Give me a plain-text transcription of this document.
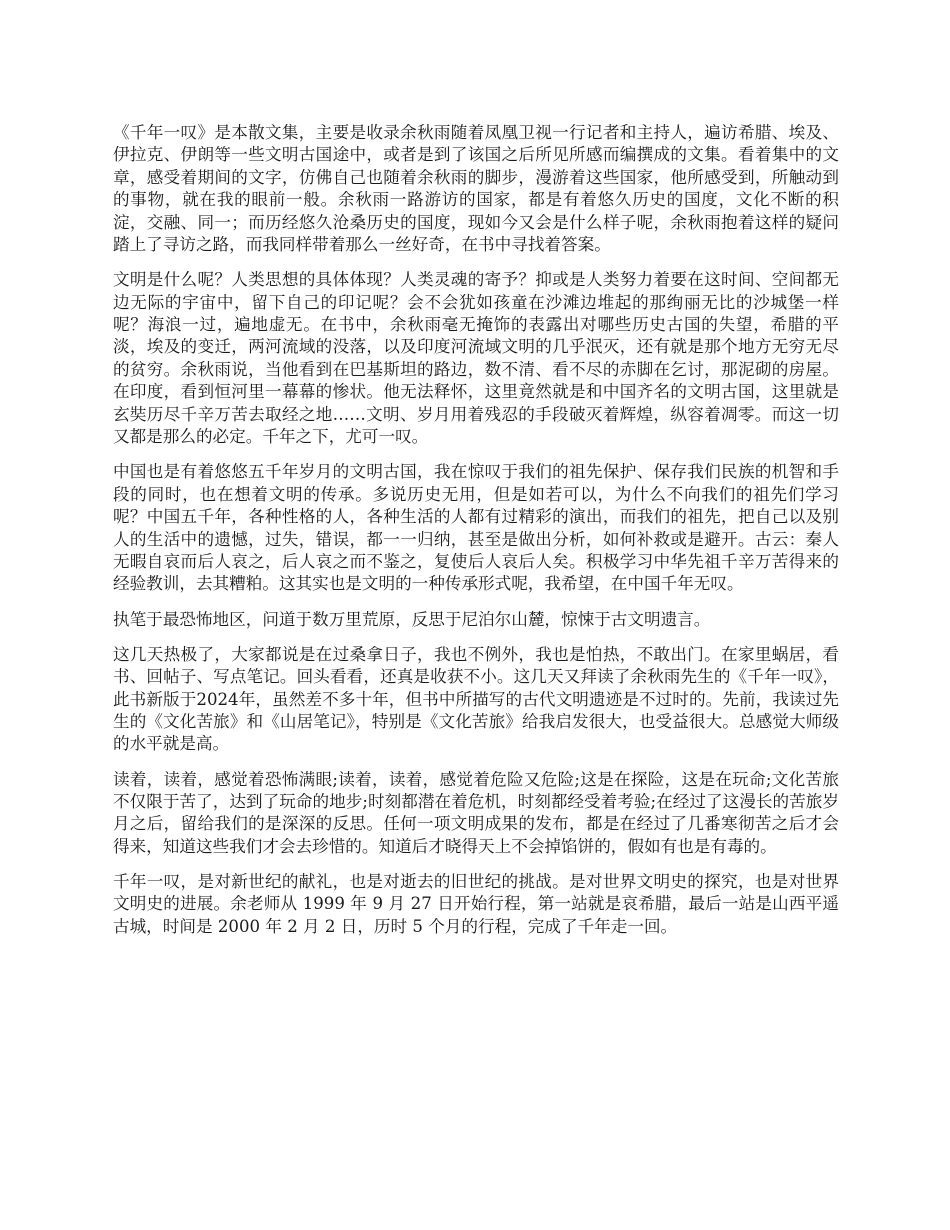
《千年一叹》是本散文集，主要是收录余秋雨随着凤凰卫视一行记者和主持人，遍访希腊、埃及、伊拉克、伊朗等一些文明古国途中，或者是到了该国之后所见所感而编撰成的文集。看着集中的文章，感受着期间的文字，仿佛自己也随着余秋雨的脚步，漫游着这些国家，他所感受到，所触动到的事物，就在我的眼前一般。余秋雨一路游访的国家，都是有着悠久历史的国度，文化不断的积淀，交融、同一；而历经悠久沧桑历史的国度，现如今又会是什么样子呢，余秋雨抱着这样的疑问踏上了寻访之路，而我同样带着那么一丝好奇，在书中寻找着答案。

文明是什么呢？人类思想的具体体现？人类灵魂的寄予？抑或是人类努力着要在这时间、空间都无边无际的宇宙中，留下自己的印记呢？会不会犹如孩童在沙滩边堆起的那绚丽无比的沙城堡一样呢？海浪一过，遍地虚无。在书中，余秋雨毫无掩饰的表露出对哪些历史古国的失望，希腊的平淡，埃及的变迁，两河流域的没落，以及印度河流域文明的几乎泯灭，还有就是那个地方无穷无尽的贫穷。余秋雨说，当他看到在巴基斯坦的路边，数不清、看不尽的赤脚在乞讨，那泥砌的房屋。在印度，看到恒河里一幕幕的惨状。他无法释怀，这里竟然就是和中国齐名的文明古国，这里就是玄奘历尽千辛万苦去取经之地……文明、岁月用着残忍的手段破灭着辉煌，纵容着凋零。而这一切又都是那么的必定。千年之下，尤可一叹。

中国也是有着悠悠五千年岁月的文明古国，我在惊叹于我们的祖先保护、保存我们民族的机智和手段的同时，也在想着文明的传承。多说历史无用，但是如若可以，为什么不向我们的祖先们学习呢？中国五千年，各种性格的人，各种生活的人都有过精彩的演出，而我们的祖先，把自己以及别人的生活中的遗憾，过失，错误，都一一归纳，甚至是做出分析，如何补救或是避开。古云：秦人无暇自哀而后人哀之，后人哀之而不鉴之，复使后人哀后人矣。积极学习中华先祖千辛万苦得来的经验教训，去其糟粕。这其实也是文明的一种传承形式呢，我希望，在中国千年无叹。

执笔于最恐怖地区，问道于数万里荒原，反思于尼泊尔山麓，惊悚于古文明遗言。

这几天热极了，大家都说是在过桑拿日子，我也不例外，我也是怕热，不敢出门。在家里蜗居，看书、回帖子、写点笔记。回头看看，还真是收获不小。这几天又拜读了余秋雨先生的《千年一叹》，此书新版于2024年，虽然差不多十年，但书中所描写的古代文明遗迹是不过时的。先前，我读过先生的《文化苦旅》和《山居笔记》，特别是《文化苦旅》给我启发很大，也受益很大。总感觉大师级的水平就是高。

读着，读着，感觉着恐怖满眼;读着，读着，感觉着危险又危险;这是在探险，这是在玩命;文化苦旅不仅限于苦了，达到了玩命的地步;时刻都潜在着危机，时刻都经受着考验;在经过了这漫长的苦旅岁月之后，留给我们的是深深的反思。任何一项文明成果的发布，都是在经过了几番寒彻苦之后才会得来，知道这些我们才会去珍惜的。知道后才晓得天上不会掉馅饼的，假如有也是有毒的。

千年一叹，是对新世纪的献礼，也是对逝去的旧世纪的挑战。是对世界文明史的探究，也是对世界文明史的进展。余老师从 1999 年 9 月 27 日开始行程，第一站就是哀希腊，最后一站是山西平遥古城，时间是 2000 年 2 月 2 日，历时 5 个月的行程，完成了千年走一回。
